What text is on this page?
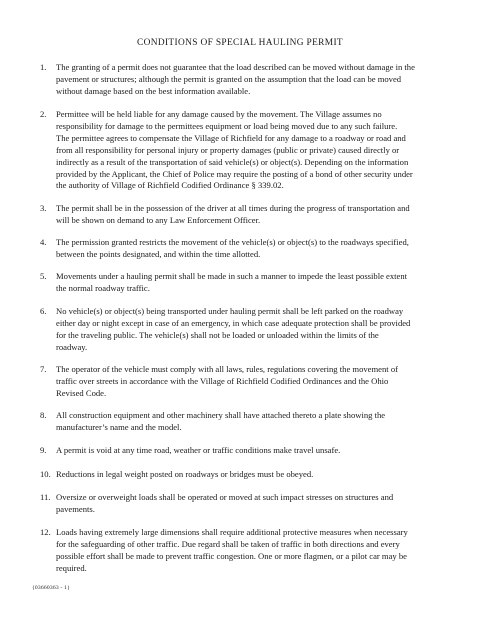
CONDITIONS OF SPECIAL HAULING PERMIT
1. The granting of a permit does not guarantee that the load described can be moved without damage in the
pavement or structures; although the permit is granted on the assumption that the load can be moved
without damage based on the best information available.
2. Permittee will be held liable for any damage caused by the movement. The Village assumes no
responsibility for damage to the permittees equipment or load being moved due to any such failure.
The permittee agrees to compensate the Village of Richfield for any damage to a roadway or road and
from all responsibility for personal injury or property damages (public or private) caused directly or
indirectly as a result of the transportation of said vehicle(s) or object(s). Depending on the information
provided by the Applicant, the Chief of Police may require the posting of a bond of other security under
the authority of Village of Richfield Codified Ordinance § 339.02.
3. The permit shall be in the possession of the driver at all times during the progress of transportation and
will be shown on demand to any Law Enforcement Officer.
4. The permission granted restricts the movement of the vehicle(s) or object(s) to the roadways specified,
between the points designated, and within the time allotted.
5. Movements under a hauling permit shall be made in such a manner to impede the least possible extent
the normal roadway traffic.
6. No vehicle(s) or object(s) being transported under hauling permit shall be left parked on the roadway
either day or night except in case of an emergency, in which case adequate protection shall be provided
for the traveling public. The vehicle(s) shall not be loaded or unloaded within the limits of the
roadway.
7. The operator of the vehicle must comply with all laws, rules, regulations covering the movement of
traffic over streets in accordance with the Village of Richfield Codified Ordinances and the Ohio
Revised Code.
8. All construction equipment and other machinery shall have attached thereto a plate showing the
manufacturer’s name and the model.
9. A permit is void at any time road, weather or traffic conditions make travel unsafe.
10. Reductions in legal weight posted on roadways or bridges must be obeyed.
11. Oversize or overweight loads shall be operated or moved at such impact stresses on structures and
pavements.
12. Loads having extremely large dimensions shall require additional protective measures when necessary
for the safeguarding of other traffic. Due regard shall be taken of traffic in both directions and every
possible effort shall be made to prevent traffic congestion. One or more flagmen, or a pilot car may be
required.
{03660363 - 1}
